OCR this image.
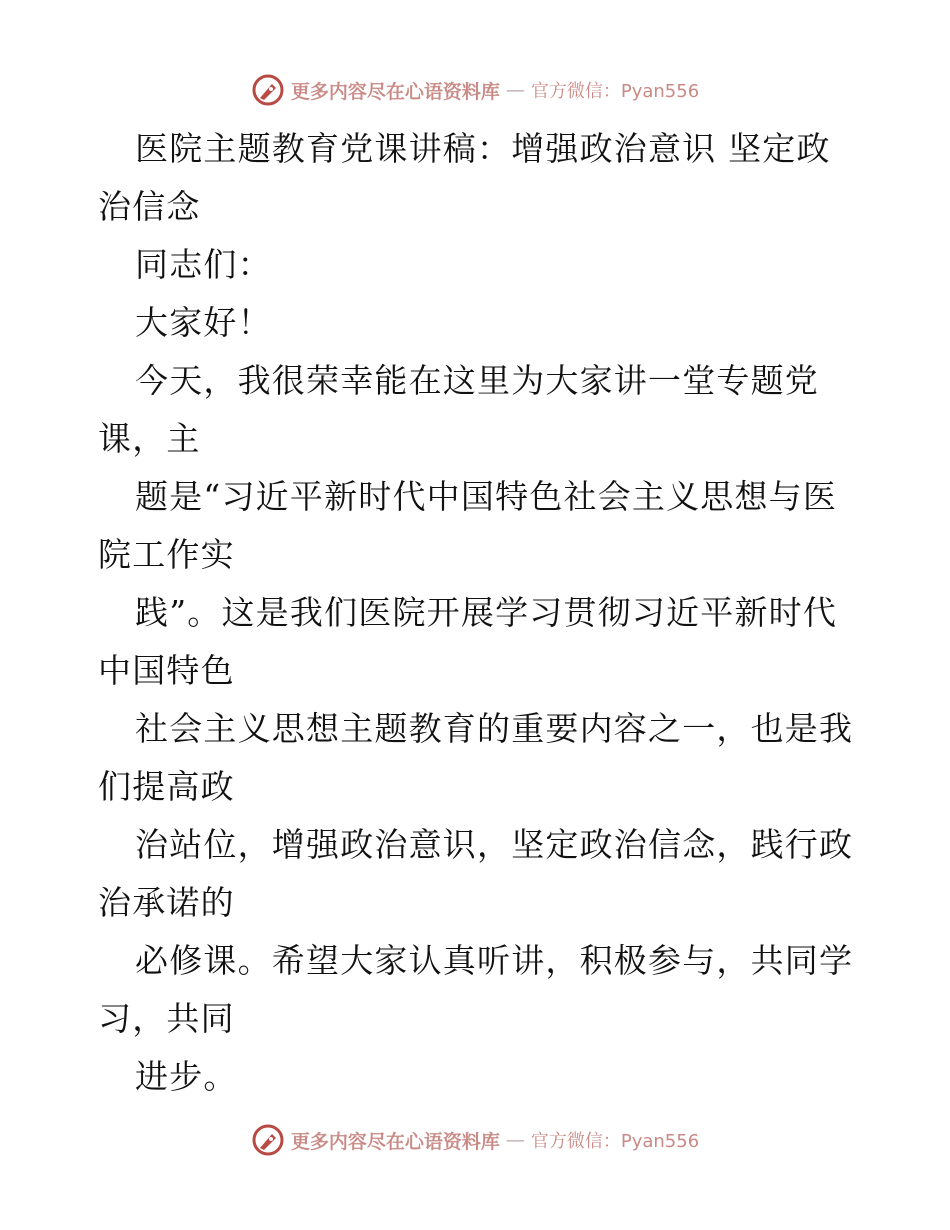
更多内容尽在心语资料库 — 官方微信：Pyan556
医院主题教育党课讲稿：增强政治意识 坚定政
治信念
同志们：
大家好！
今天，我很荣幸能在这里为大家讲一堂专题党
课，主
题是“习近平新时代中国特色社会主义思想与医
院工作实
践”。这是我们医院开展学习贯彻习近平新时代
中国特色
社会主义思想主题教育的重要内容之一，也是我
们提高政
治站位，增强政治意识，坚定政治信念，践行政
治承诺的
必修课。希望大家认真听讲，积极参与，共同学
习，共同
进步。
更多内容尽在心语资料库 — 官方微信：Pyan556
